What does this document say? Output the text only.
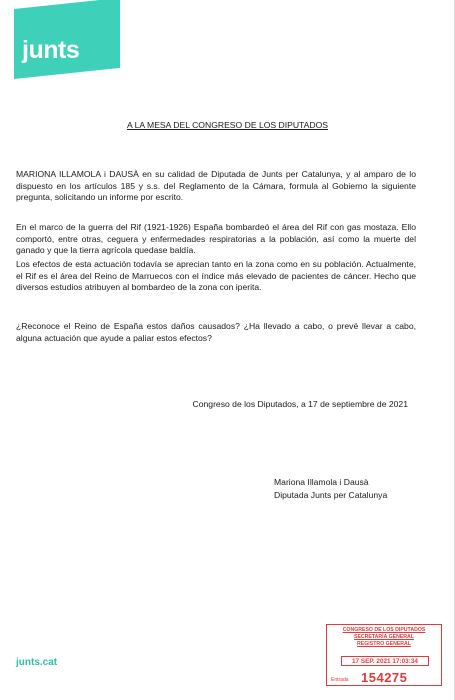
junts
A LA MESA DEL CONGRESO DE LOS DIPUTADOS

MARIONA ILLAMOLA i DAUSÀ en su calidad de Diputada de Junts per Catalunya, y al amparo de lo dispuesto en los artículos 185 y s.s. del Reglamento de la Cámara, formula al Gobierno la siguiente pregunta, solicitando un informe por escrito.

En el marco de la guerra del Rif (1921-1926) España bombardeó el área del Rif con gas mostaza. Ello comportó, entre otras, ceguera y enfermedades respiratorias a la población, así como la muerte del ganado y que la tierra agrícola quedase baldía.

Los efectos de esta actuación todavía se aprecian tanto en la zona como en su población. Actualmente, el Rif es el área del Reino de Marruecos con el índice más elevado de pacientes de cáncer. Hecho que diversos estudios atribuyen al bombardeo de la zona con iperita.

¿Reconoce el Reino de España estos daños causados? ¿Ha llevado a cabo, o prevé llevar a cabo, alguna actuación que ayude a paliar estos efectos?

Congreso de los Diputados, a 17 de septiembre de 2021
Mariona Illamola i Dausà
Diputada Junts per Catalunya
junts.cat
CONGRESO DE LOS DIPUTADOS
SECRETARÍA GENERAL
REGISTRO GENERAL
17 SEP. 2021 17:03:34
Entrada 154275
